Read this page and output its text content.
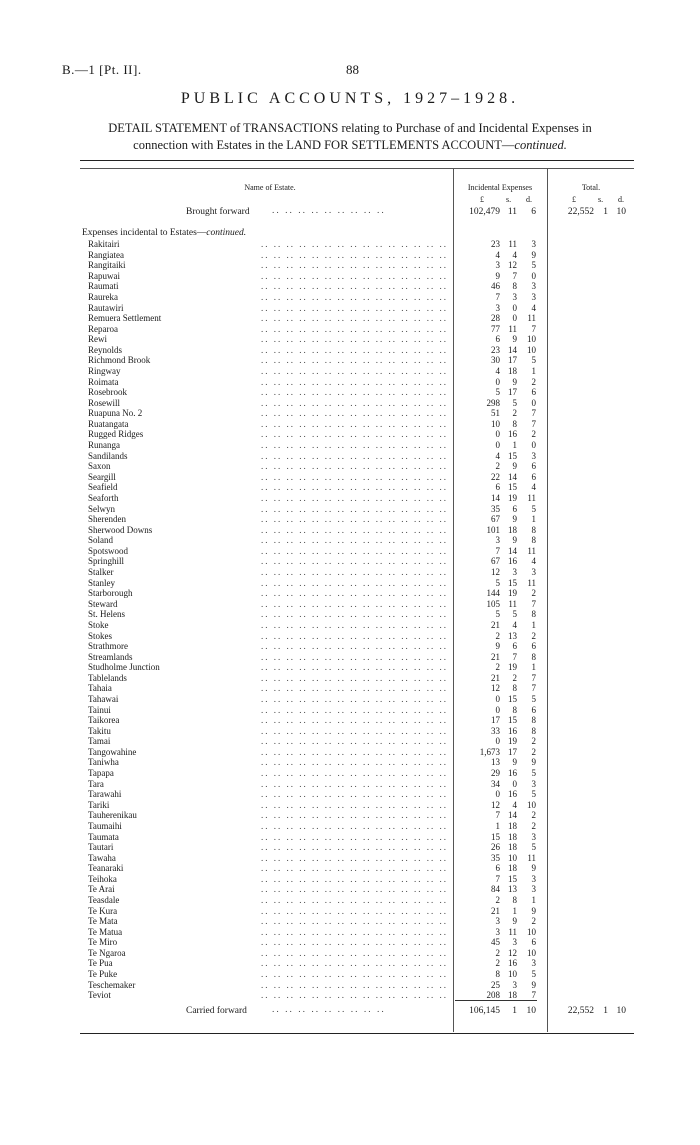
B.—1 [Pt. II].	88
PUBLIC ACCOUNTS, 1927–1928.
DETAIL STATEMENT of TRANSACTIONS relating to Purchase of and Incidental Expenses in
connection with Estates in the LAND FOR SETTLEMENTS ACCOUNT—continued.
Name of Estate.	Incidental Expenses	Total.
£	s. d.	£	s. d.
Brought forward .. .. .. .. .. .. .. .. ..	102,479 11	6	22,552 1 10
Expenses incidental to Estates—continued.
.. ..
Rakitairi	23 11	3
.. ..
Rangiatea	4	4	9
.. ..
Rangitaiki	3 12	5
.. ..
Rapuwai	9	7	0
.. ..
Raumati	46	8	3
.. ..
Raureka	7	3	3
.. ..
Rautawiri	3	0	4
.. ..
Remuera Settlement	28	0	11
.. ..
Reparoa	77 11	7
.. ..
Rewi	6	9	10
.. ..
Reynolds	23 14	10
.. ..
Richmond Brook	30 17	5
.. ..
Ringway	4 18	1
.. ..
Roimata	0	9	2
.. ..
Rosebrook	5 17	6
.. ..
Rosewill	298	5	0
.. ..
Ruapuna No. 2	51	2	7
.. ..
Ruatangata	10	8	7
.. ..
Rugged Ridges	0 16	2
.. ..
Runanga	0	1	0
.. ..
Sandilands	4 15	3
.. ..
Saxon	2	9	6
.. ..
Seargill	22 14	6
.. ..
Seafield	6 15	4
.. ..
Seaforth	14 19	11
.. ..
Selwyn	35	6	5
.. ..
Sherenden	67	9	1
.. ..
Sherwood Downs	101 18	8
.. ..
Soland	3	9	8
.. ..
Spotswood	7 14	11
.. ..
Springhill	67 16	4
.. ..
Stalker	12	3	3
.. ..
Stanley	5 15	11
.. ..
Starborough	144 19	2
.. ..
Steward	105 11	7
.. ..
St. Helens	5	5	8
.. ..
Stoke	21	4	1
.. ..
Stokes	2 13	2
.. ..
Strathmore	9	6	6
.. ..
Streamlands	21	7	8
.. ..
Studholme Junction	2 19	1
.. ..
Tablelands	21	2	7
.. ..
Tahaia	12	8	7
.. ..
Tahawai	0 15	5
.. ..
Tainui	0	8	6
.. ..
Taikorea	17 15	8
.. ..
Takitu	33 16	8
.. ..
Tamai	0 19	2
.. ..
Tangowahine	1,673 17	2
.. ..
Taniwha	13	9	9
.. ..
Tapapa	29 16	5
.. ..
Tara	34	0	3
.. ..
Tarawahi	0 16	5
.. ..
Tariki	12	4	10
.. ..
Tauherenikau	7 14	2
.. ..
Taumaihi	1 18	2
.. ..
Taumata	15 18	3
.. ..
Tautari	26 18	5
.. ..
Tawaha	35 10	11
.. ..
Teanaraki	6 18	9
.. ..
Teihoka	7 15	3
.. ..
Te Arai	84 13	3
.. ..
Teasdale	2	8	1
.. ..
Te Kura	21	1	9
.. ..
Te Mata	3	9	2
.. ..
Te Matua	3 11	10
.. ..
Te Miro	45	3	6
.. ..
Te Ngaroa	2 12	10
.. ..
Te Pua	2 16	3
.. ..
Te Puke	8 10	5
.. ..
Teschemaker	25	3	9
.. ..
Teviot	208 18	7
Carried forward	.. .. .. .. .. .. .. .. ..	106,145	1	10	22,552 1 10
